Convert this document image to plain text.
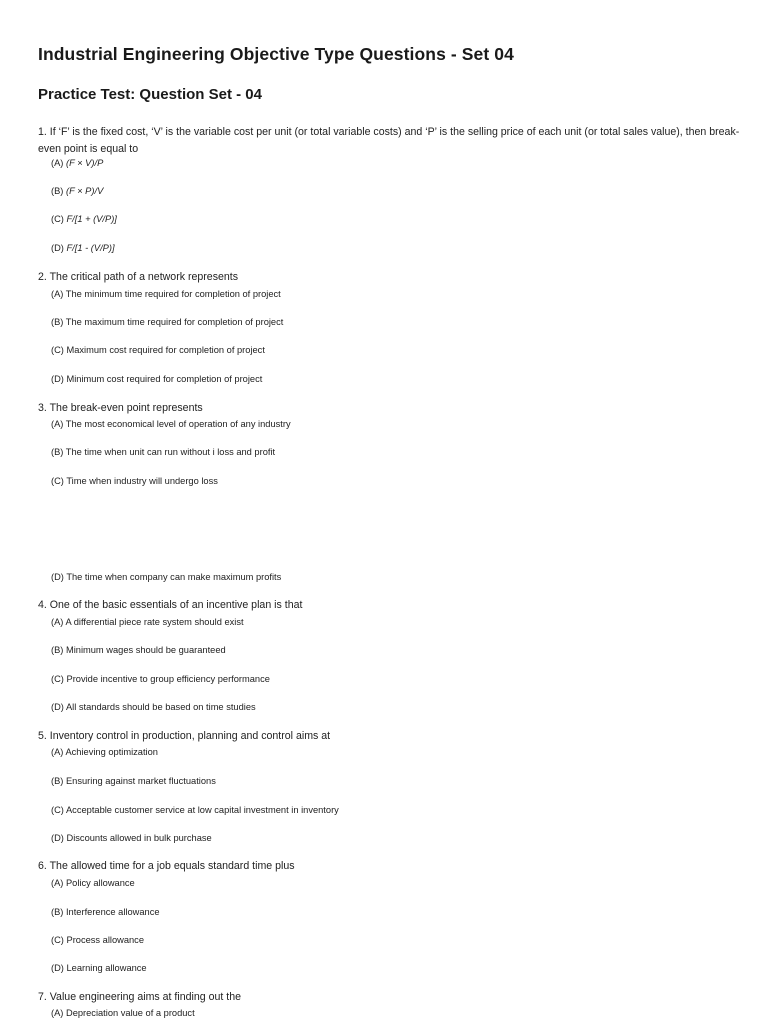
Industrial Engineering Objective Type Questions - Set 04
Practice Test: Question Set - 04
1. If ‘F’ is the fixed cost, ‘V’ is the variable cost per unit (or total variable costs) and ‘P’ is the selling price of each unit (or total sales value), then break-even point is equal to
(A) (F × V)/P
(B) (F × P)/V
(C) F/[1 + (V/P)]
(D) F/[1 - (V/P)]
2. The critical path of a network represents
(A) The minimum time required for completion of project
(B) The maximum time required for completion of project
(C) Maximum cost required for completion of project
(D) Minimum cost required for completion of project
3. The break-even point represents
(A) The most economical level of operation of any industry
(B) The time when unit can run without i loss and profit
(C) Time when industry will undergo loss
(D) The time when company can make maximum profits
4. One of the basic essentials of an incentive plan is that
(A) A differential piece rate system should exist
(B) Minimum wages should be guaranteed
(C) Provide incentive to group efficiency performance
(D) All standards should be based on time studies
5. Inventory control in production, planning and control aims at
(A) Achieving optimization
(B) Ensuring against market fluctuations
(C) Acceptable customer service at low capital investment in inventory
(D) Discounts allowed in bulk purchase
6. The allowed time for a job equals standard time plus
(A) Policy allowance
(B) Interference allowance
(C) Process allowance
(D) Learning allowance
7. Value engineering aims at finding out the
(A) Depreciation value of a product
